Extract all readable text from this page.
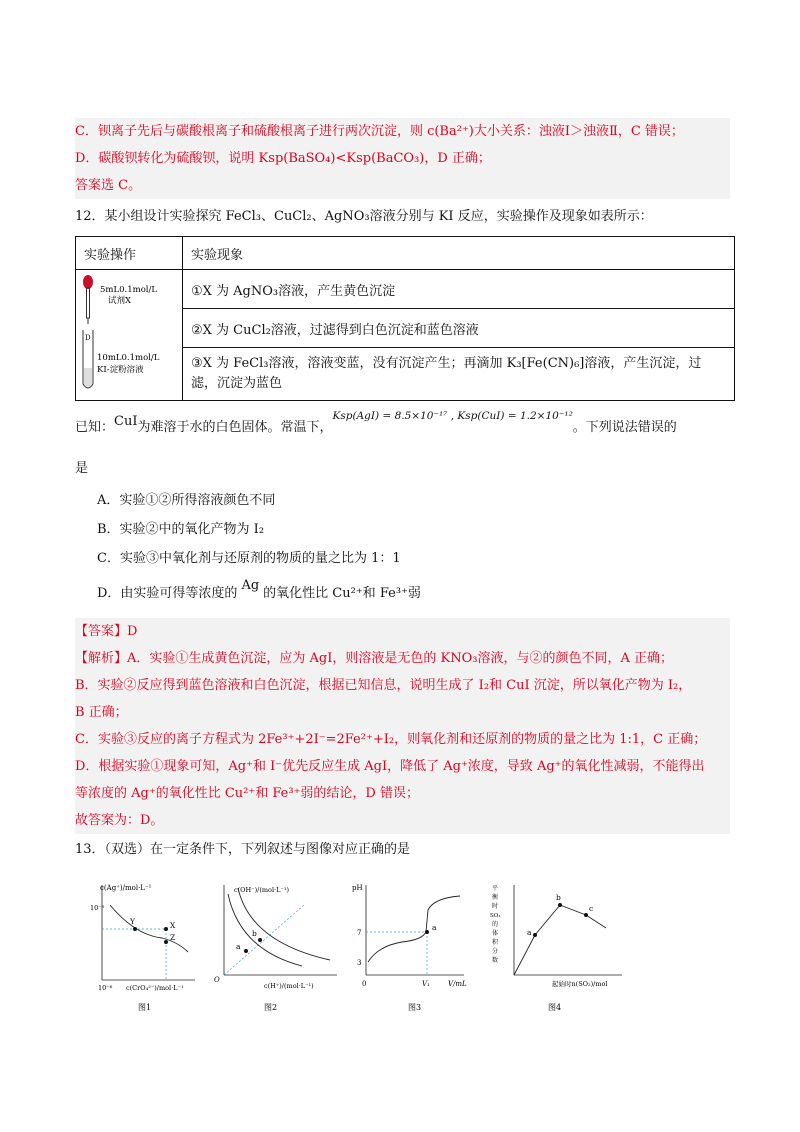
C．钡离子先后与碳酸根离子和硫酸根离子进行两次沉淀，则 c(Ba²⁺)大小关系：浊液Ⅰ＞浊液Ⅱ，C 错误；
D．碳酸钡转化为硫酸钡，说明 Ksp(BaSO₄)<Ksp(BaCO₃)，D 正确；
答案选 C。
12．某小组设计实验探究 FeCl₃、CuCl₂、AgNO₃溶液分别与 KI 反应，实验操作及现象如表所示：
实验操作	实验现象

5mL0.1mol/L
试剂X
D
10mL0.1mol/L
KI-淀粉溶液	①X 为 AgNO₃溶液，产生黄色沉淀
	②X 为 CuCl₂溶液，过滤得到白色沉淀和蓝色溶液
	③X 为 FeCl₃溶液，溶液变蓝，没有沉淀产生；再滴加 K₃[Fe(CN)₆]溶液，产生沉淀，过滤，沉淀为蓝色
已知：CuI为难溶于水的白色固体。常温下，$^{Ksp(AgI) = 8.5\times 10^{-17} , Ksp(CuI) = 1.2\times 10^{-12}}$。下列说法错误的
是
A．实验①②所得溶液颜色不同
B．实验②中的氧化产物为 I₂
C．实验③中氧化剂与还原剂的物质的量之比为 1：1
D．由实验可得等浓度的Ag的氧化性比 Cu²⁺和 Fe³⁺弱
【答案】D
【解析】A．实验①生成黄色沉淀，应为 AgI，则溶液是无色的 KNO₃溶液，与②的颜色不同，A 正确；
B．实验②反应得到蓝色溶液和白色沉淀，根据已知信息，说明生成了 I₂和 CuI 沉淀，所以氧化产物为 I₂，
B 正确；
C．实验③反应的离子方程式为 2Fe³⁺+2I⁻=2Fe²⁺+I₂，则氧化剂和还原剂的物质的量之比为 1:1，C 正确；
D．根据实验①现象可知，Ag⁺和 I⁻优先反应生成 AgI，降低了 Ag⁺浓度，导致 Ag⁺的氧化性减弱，不能得出
等浓度的 Ag⁺的氧化性比 Cu²⁺和 Fe³⁺弱的结论，D 错误；
故答案为：D。
13．（双选）在一定条件下，下列叙述与图像对应正确的是
c(Ag⁺)/mol·L⁻¹
10⁻⁵
10⁻⁶ c(CrO₄²⁻)/mol·L⁻¹
Y	X
Z
图1
c(OH⁻)/(mol·L⁻¹)
O
c(H⁺)/(mol·L⁻¹)
a
b
图2
pH
7
3
0	V₁	V/mL
a
图3
平
衡
时
SO₃
的
体
积
分
数
a
b
c
起始时n(SO₂)/mol
图4
